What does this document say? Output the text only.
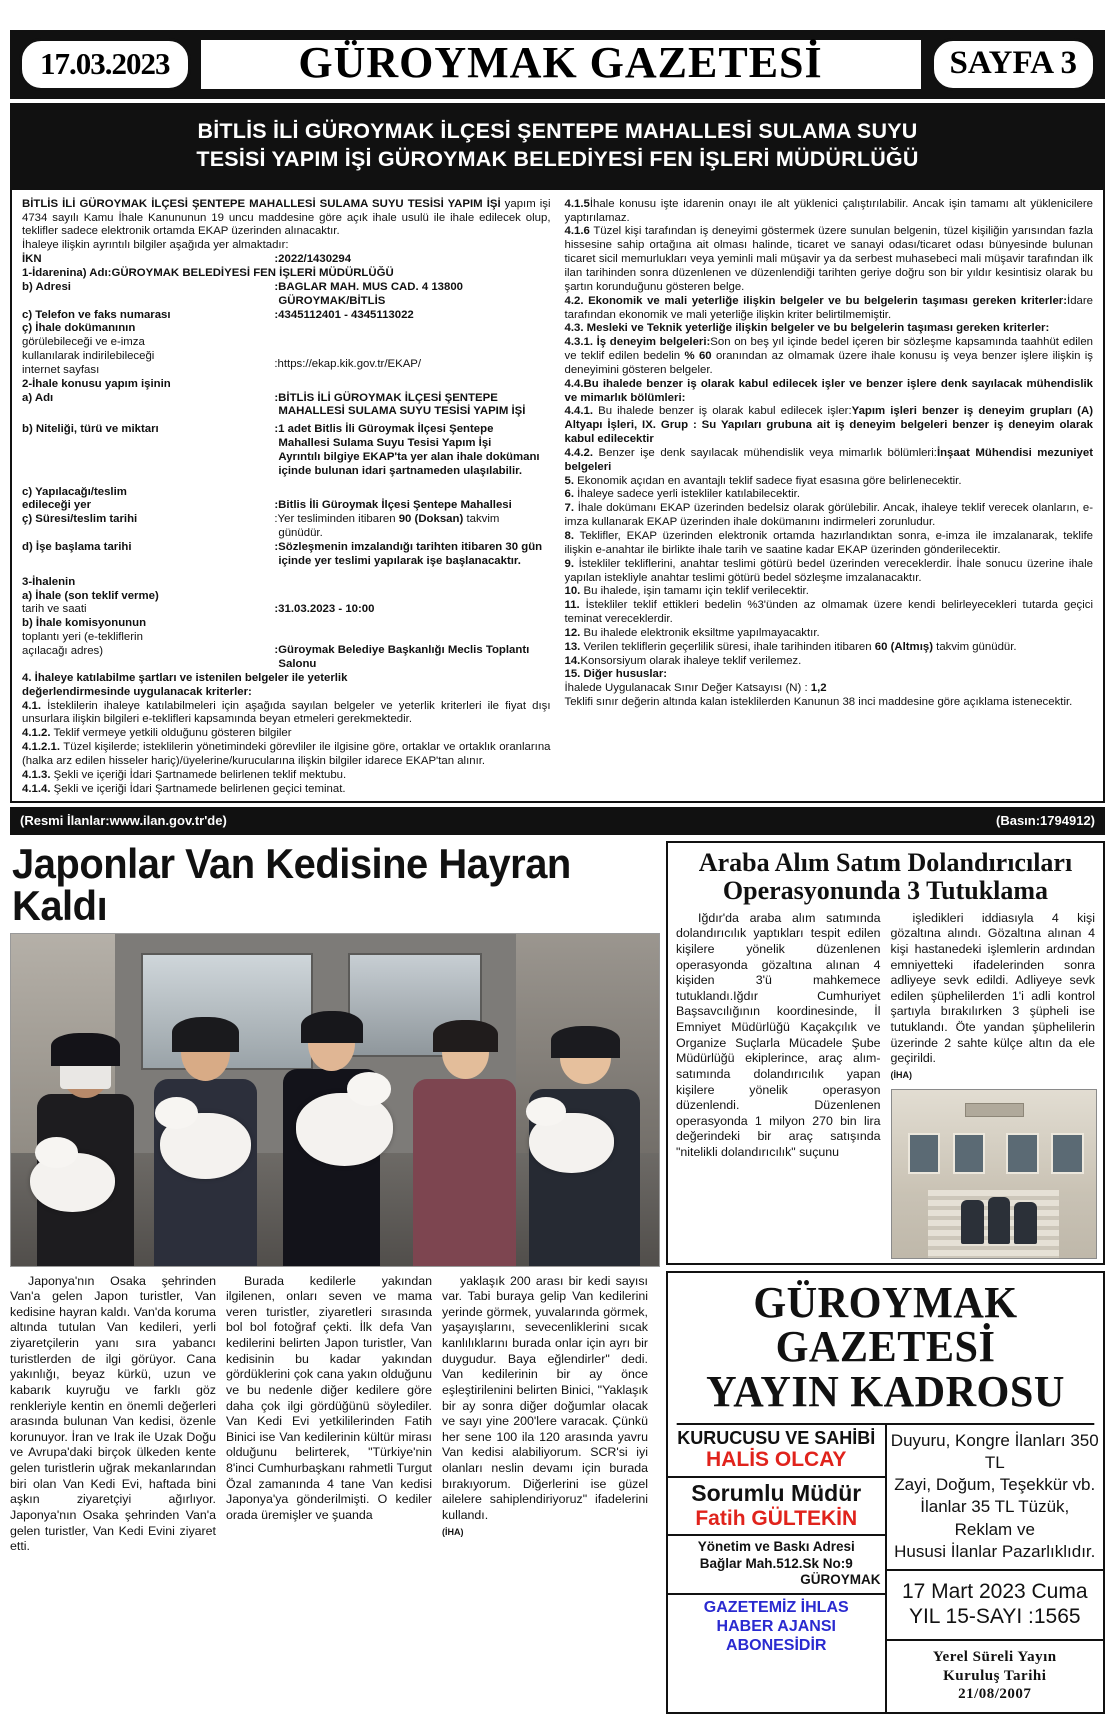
17.03.2023	GÜROYMAK GAZETESİ	SAYFA 3
BİTLİS İLİ GÜROYMAK İLÇESİ ŞENTEPE MAHALLESİ SULAMA SUYU
TESİSİ YAPIM İŞİ GÜROYMAK BELEDİYESİ FEN İŞLERİ MÜDÜRLÜĞÜ

BİTLİS İLİ GÜROYMAK İLÇESİ ŞENTEPE MAHALLESİ SULAMA SUYU TESİSİ YAPIM İŞİ yapım işi 4734 sayılı Kamu İhale Kanununun 19 uncu maddesine göre açık ihale usulü ile ihale edilecek olup, teklifler sadece elektronik ortamda EKAP üzerinden alınacaktır.

İhaleye ilişkin ayrıntılı bilgiler aşağıda yer almaktadır:

İKN	:2022/1430294

1-İdarenina) Adı:GÜROYMAK BELEDİYESİ FEN İŞLERİ MÜDÜRLÜĞÜ

b) Adresi	:BAGLAR MAH. MUS CAD. 4 13800
GÜROYMAK/BİTLİS
c) Telefon ve faks numarası	:4345112401 - 4345113022
ç) İhale dokümanının
görülebileceği ve e-imza
kullanılarak indirilebileceği
internet sayfası	:https://ekap.kik.gov.tr/EKAP/

2-İhale konusu yapım işinin

a) Adı	:BİTLİS İLİ GÜROYMAK İLÇESİ ŞENTEPE
MAHALLESİ SULAMA SUYU TESİSİ YAPIM İŞİ
b) Niteliği, türü ve miktarı	:1 adet Bitlis İli Güroymak İlçesi Şentepe
Mahallesi Sulama Suyu Tesisi Yapım İşi
Ayrıntılı bilgiye EKAP'ta yer alan ihale dokümanı
içinde bulunan idari şartnameden ulaşılabilir.
c) Yapılacağı/teslim
edileceği yer	:Bitlis İli Güroymak İlçesi Şentepe Mahallesi
ç) Süresi/teslim tarihi	:Yer tesliminden itibaren 90 (Doksan) takvim
günüdür.
d) İşe başlama tarihi	:Sözleşmenin imzalandığı tarihten itibaren 30 gün
içinde yer teslimi yapılarak işe başlanacaktır.

3-İhalenin

a) İhale (son teklif verme)
tarih ve saati	:31.03.2023 - 10:00
b) İhale komisyonunun
toplantı yeri (e-tekliflerin
açılacağı adres)	:Güroymak Belediye Başkanlığı Meclis Toplantı
Salonu

4. İhaleye katılabilme şartları ve istenilen belgeler ile yeterlik

değerlendirmesinde uygulanacak kriterler:

4.1. İsteklilerin ihaleye katılabilmeleri için aşağıda sayılan belgeler ve yeterlik kriterleri ile fiyat dışı unsurlara ilişkin bilgileri e-teklifleri kapsamında beyan etmeleri gerekmektedir.

4.1.2. Teklif vermeye yetkili olduğunu gösteren bilgiler

4.1.2.1. Tüzel kişilerde; isteklilerin yönetimindeki görevliler ile ilgisine göre, ortaklar ve ortaklık oranlarına (halka arz edilen hisseler hariç)/üyelerine/kurucularına ilişkin bilgiler idarece EKAP'tan alınır.

4.1.3. Şekli ve içeriği İdari Şartnamede belirlenen teklif mektubu.

4.1.4. Şekli ve içeriği İdari Şartnamede belirlenen geçici teminat.

4.1.5İhale konusu işte idarenin onayı ile alt yüklenici çalıştırılabilir. Ancak işin tamamı alt yüklenicilere yaptırılamaz.

4.1.6 Tüzel kişi tarafından iş deneyimi göstermek üzere sunulan belgenin, tüzel kişiliğin yarısından fazla hissesine sahip ortağına ait olması halinde, ticaret ve sanayi odası/ticaret odası bünyesinde bulunan ticaret sicil memurlukları veya yeminli mali müşavir ya da serbest muhasebeci mali müşavir tarafından ilk ilan tarihinden sonra düzenlenen ve düzenlendiği tarihten geriye doğru son bir yıldır kesintisiz olarak bu şartın korunduğunu gösteren belge.

4.2. Ekonomik ve mali yeterliğe ilişkin belgeler ve bu belgelerin taşıması gereken kriterler:İdare tarafından ekonomik ve mali yeterliğe ilişkin kriter belirtilmemiştir.

4.3. Mesleki ve Teknik yeterliğe ilişkin belgeler ve bu belgelerin taşıması gereken kriterler:

4.3.1. İş deneyim belgeleri:Son on beş yıl içinde bedel içeren bir sözleşme kapsamında taahhüt edilen ve teklif edilen bedelin % 60 oranından az olmamak üzere ihale konusu iş veya benzer işlere ilişkin iş deneyimini gösteren belgeler.

4.4.Bu ihalede benzer iş olarak kabul edilecek işler ve benzer işlere denk sayılacak mühendislik ve mimarlık bölümleri:

4.4.1. Bu ihalede benzer iş olarak kabul edilecek işler:Yapım işleri benzer iş deneyim grupları (A) Altyapı İşleri, IX. Grup : Su Yapıları grubuna ait iş deneyim belgeleri benzer iş deneyim olarak kabul edilecektir

4.4.2. Benzer işe denk sayılacak mühendislik veya mimarlık bölümleri:İnşaat Mühendisi mezuniyet belgeleri

5. Ekonomik açıdan en avantajlı teklif sadece fiyat esasına göre belirlenecektir.

6. İhaleye sadece yerli istekliler katılabilecektir.

7. İhale dokümanı EKAP üzerinden bedelsiz olarak görülebilir. Ancak, ihaleye teklif verecek olanların, e-imza kullanarak EKAP üzerinden ihale dokümanını indirmeleri zorunludur.

8. Teklifler, EKAP üzerinden elektronik ortamda hazırlandıktan sonra, e-imza ile imzalanarak, teklife ilişkin e-anahtar ile birlikte ihale tarih ve saatine kadar EKAP üzerinden gönderilecektir.

9. İstekliler tekliflerini, anahtar teslimi götürü bedel üzerinden vereceklerdir. İhale sonucu üzerine ihale yapılan istekliyle anahtar teslimi götürü bedel sözleşme imzalanacaktır.

10. Bu ihalede, işin tamamı için teklif verilecektir.

11. İstekliler teklif ettikleri bedelin %3'ünden az olmamak üzere kendi belirleyecekleri tutarda geçici teminat vereceklerdir.

12. Bu ihalede elektronik eksiltme yapılmayacaktır.

13. Verilen tekliflerin geçerlilik süresi, ihale tarihinden itibaren 60 (Altmış) takvim günüdür.

14.Konsorsiyum olarak ihaleye teklif verilemez.

15. Diğer hususlar:

İhalede Uygulanacak Sınır Değer Katsayısı (N) : 1,2

Teklifi sınır değerin altında kalan isteklilerden Kanunun 38 inci maddesine göre açıklama istenecektir.

(Resmi İlanlar:www.ilan.gov.tr'de)	(Basın:1794912)
Japonlar Van Kedisine Hayran Kaldı

Japonya'nın Osaka şehrinden Van'a gelen Japon turistler, Van kedisine hayran kaldı. Van'da koruma altında tutulan Van kedileri, yerli ziyaretçilerin yanı sıra yabancı turistlerden de ilgi görüyor. Cana yakınlığı, beyaz kürkü, uzun ve kabarık kuyruğu ve farklı göz renkleriyle kentin en önemli değerleri arasında bulunan Van kedisi, özenle korunuyor. İran ve Irak ile Uzak Doğu ve Avrupa'daki birçok ülkeden kente gelen turistlerin uğrak mekanlarından biri olan Van Kedi Evi, haftada bini aşkın ziyaretçiyi ağırlıyor. Japonya'nın Osaka şehrinden Van'a gelen turistler, Van Kedi Evini ziyaret etti.

Burada kedilerle yakından ilgilenen, onları seven ve mama veren turistler, ziyaretleri sırasında bol bol fotoğraf çekti. İlk defa Van kedilerini belirten Japon turistler, Van kedisinin bu kadar yakından gördüklerini çok cana yakın olduğunu ve bu nedenle diğer kedilere göre daha çok ilgi gördüğünü söylediler. Van Kedi Evi yetkililerinden Fatih Binici ise Van kedilerinin kültür mirası olduğunu belirterek, "Türkiye'nin 8'inci Cumhurbaşkanı rahmetli Turgut Özal zamanında 4 tane Van kedisi Japonya'ya gönderilmişti. O kediler orada üremişler ve şuanda

yaklaşık 200 arası bir kedi sayısı var. Tabi buraya gelip Van kedilerini yerinde görmek, yuvalarında görmek, yaşayışlarını, sevecenliklerini sıcak kanlılıklarını burada onlar için ayrı bir duygudur. Baya eğlendirler" dedi. Van kedilerinin bir ay önce eşleştirilenini belirten Binici, "Yaklaşık bir ay sonra diğer doğumlar olacak ve sayı yine 200'lere varacak. Çünkü her sene 100 ila 120 arasında yavru Van kedisi alabiliyorum. SCR'si iyi olanları neslin devamı için burada bırakıyorum. Diğerlerini ise güzel ailelere sahiplendiriyoruz" ifadelerini kullandı.

(İHA)
Araba Alım Satım Dolandırıcıları
Operasyonunda 3 Tutuklama

Iğdır'da araba alım satımında dolandırıcılık yaptıkları tespit edilen kişilere yönelik düzenlenen operasyonda gözaltına alınan 4 kişiden 3'ü mahkemece tutuklandı.Iğdır Cumhuriyet Başsavcılığının koordinesinde, İl Emniyet Müdürlüğü Kaçakçılık ve Organize Suçlarla Mücadele Şube Müdürlüğü ekiplerince, araç alım-satımında dolandırıcılık yapan kişilere yönelik operasyon düzenlendi. Düzenlenen operasyonda 1 milyon 270 bin lira değerindeki bir araç satışında "nitelikli dolandırıcılık" suçunu

işledikleri iddiasıyla 4 kişi gözaltına alındı. Gözaltına alınan 4 kişi hastanedeki işlemlerin ardından emniyetteki ifadelerinden sonra adliyeye sevk edildi. Adliyeye sevk edilen şüphelilerden 1'i adli kontrol şartıyla bırakılırken 3 şüpheli ise tutuklandı. Öte yandan şüphelilerin üzerinde 2 sahte külçe altın da ele geçirildi.

(İHA)
GÜROYMAK GAZETESİ
YAYIN KADROSU
KURUCUSU VE SAHİBİ
HALİS OLCAY
Sorumlu Müdür
Fatih GÜLTEKİN
Yönetim ve Baskı Adresi
Bağlar Mah.512.Sk No:9
GÜROYMAK
GAZETEMİZ İHLAS
HABER AJANSI ABONESİDİR
Duyuru, Kongre İlanları 350 TL
Zayi, Doğum, Teşekkür vb.
İlanlar 35 TL Tüzük, Reklam ve
Hususi İlanlar Pazarlıklıdır.
17 Mart 2023 Cuma
YIL 15-SAYI :1565
Yerel Süreli Yayın
Kuruluş Tarihi
21/08/2007
